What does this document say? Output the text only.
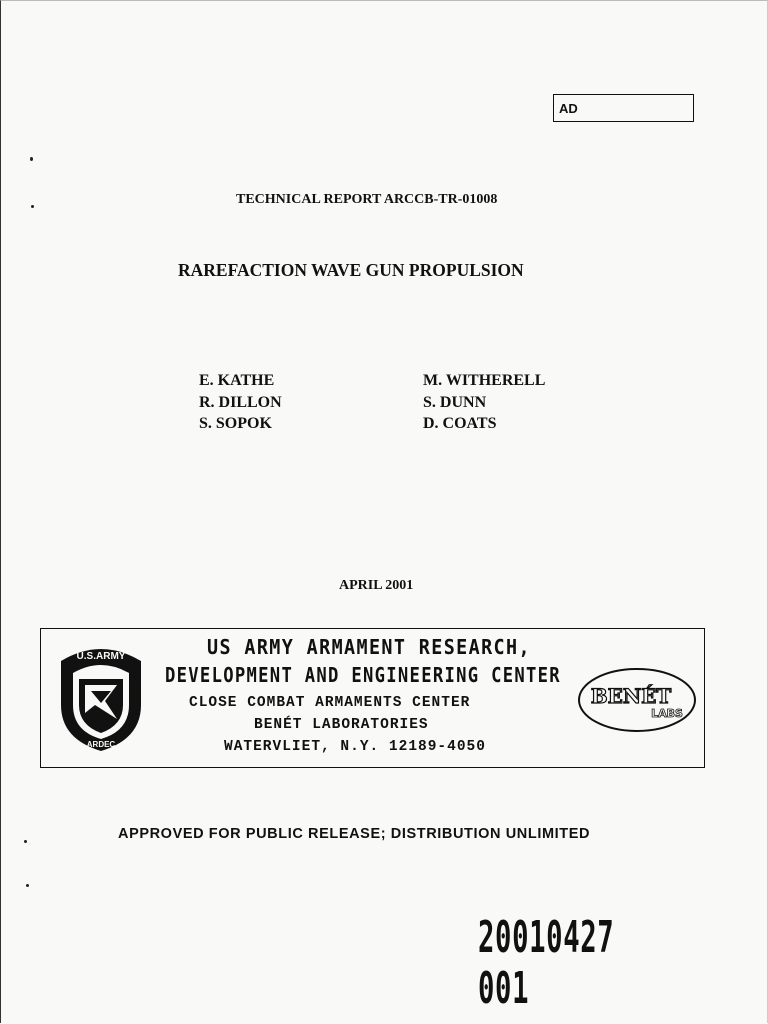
AD
TECHNICAL REPORT ARCCB-TR-01008
RAREFACTION WAVE GUN PROPULSION
E. KATHE
R. DILLON
S. SOPOK
M. WITHERELL
S. DUNN
D. COATS
APRIL 2001
U.S.ARMY
ARDEC
US ARMY ARMAMENT RESEARCH,
DEVELOPMENT AND ENGINEERING CENTER
CLOSE COMBAT ARMAMENTS CENTER
BENÉT LABORATORIES
WATERVLIET, N.Y. 12189-4050
BENÉT
LABS
APPROVED FOR PUBLIC RELEASE; DISTRIBUTION UNLIMITED
20010427 001
